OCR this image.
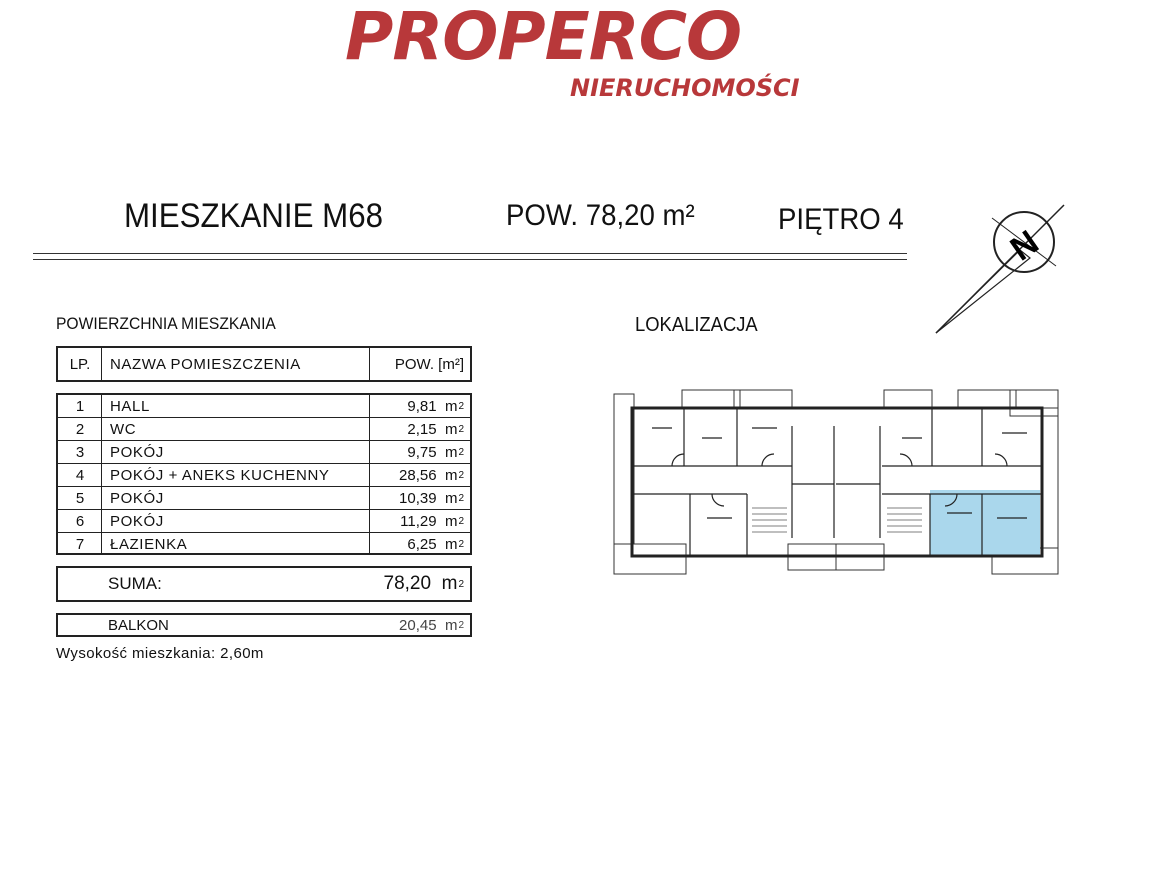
PROPERCO
NIERUCHOMOŚCI
MIESZKANIE M68	POW. 78,20 m²	PIĘTRO 4
N
POWIERZCHNIA MIESZKANIA	LOKALIZACJA
LP.	NAZWA POMIESZCZENIA	POW. [m²]
1	HALL	9,81
m 2
2	WC	2,15
m 2
3	POKÓJ	9,75
m 2
4	POKÓJ + ANEKS KUCHENNY	28,56
m 2
5	POKÓJ	10,39
m 2
6	POKÓJ	11,29
m 2
7	ŁAZIENKA	6,25
m 2
SUMA:	78,20
m 2
BALKON	20,45
m 2
Wysokość mieszkania: 2,60m
